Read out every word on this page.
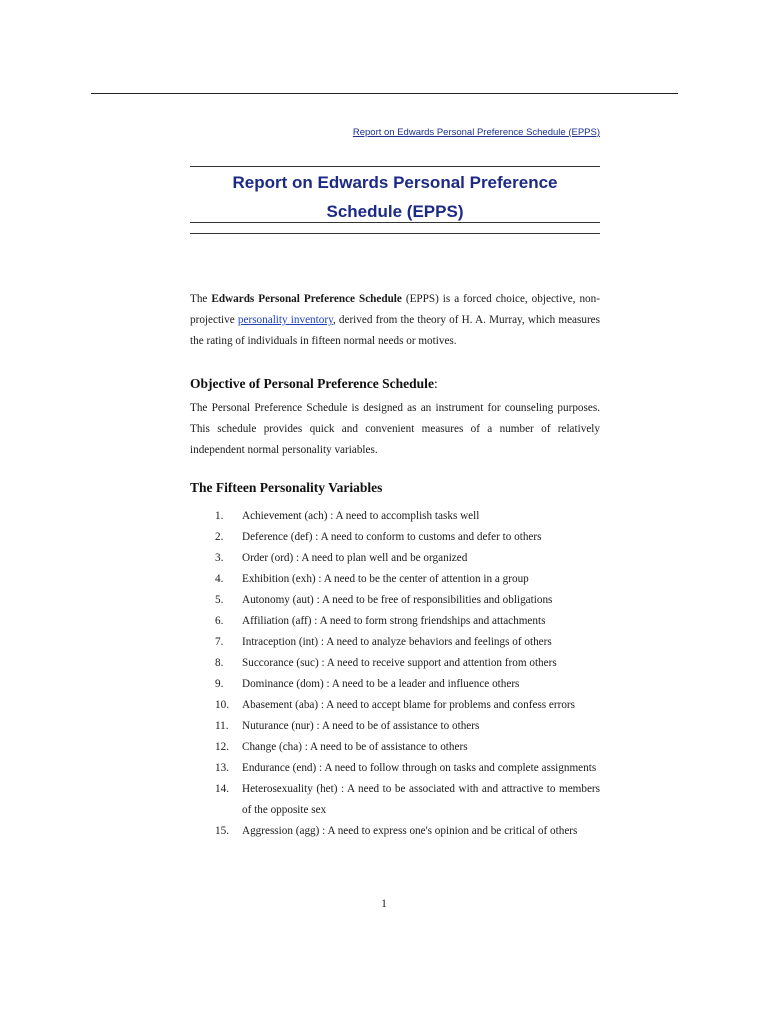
Report on Edwards Personal Preference Schedule (EPPS)
Report on Edwards Personal Preference
Schedule (EPPS)
The Edwards Personal Preference Schedule (EPPS) is a forced choice, objective, non-projective personality inventory, derived from the theory of H. A. Murray, which measures the rating of individuals in fifteen normal needs or motives.
Objective of Personal Preference Schedule:
The Personal Preference Schedule is designed as an instrument for counseling purposes. This schedule provides quick and convenient measures of a number of relatively independent normal personality variables.
The Fifteen Personality Variables
1.	Achievement (ach) : A need to accomplish tasks well
2.	Deference (def) : A need to conform to customs and defer to others
3.	Order (ord) : A need to plan well and be organized
4.	Exhibition (exh) : A need to be the center of attention in a group
5.	Autonomy (aut) : A need to be free of responsibilities and obligations
6.	Affiliation (aff) : A need to form strong friendships and attachments
7.	Intraception (int) : A need to analyze behaviors and feelings of others
8.	Succorance (suc) : A need to receive support and attention from others
9.	Dominance (dom) : A need to be a leader and influence others
10.	Abasement (aba) : A need to accept blame for problems and confess errors
11.	Nuturance (nur) : A need to be of assistance to others
12.	Change (cha) : A need to be of assistance to others
13.	Endurance (end) : A need to follow through on tasks and complete assignments
14.	Heterosexuality (het) : A need to be associated with and attractive to members of the opposite sex
15.	Aggression (agg) : A need to express one's opinion and be critical of others
1
